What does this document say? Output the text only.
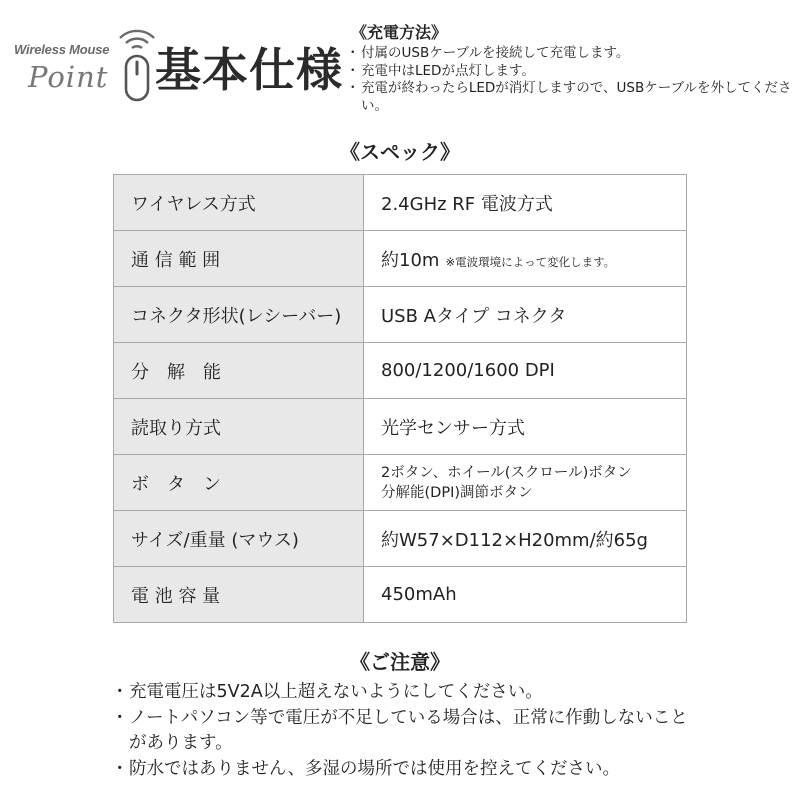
Wireless Mouse
Point 基本仕様
《充電方法》
・ 付属のUSBケーブルを接続して充電します。
・ 充電中はLEDが点灯します。
・ 充電が終わったらLEDが消灯しますので、USBケーブルを外してください。
《スペック》
ワイヤレス方式	2.4GHz RF 電波方式
通 信 範 囲	約10m ※電波環境によって変化します。
コネクタ形状(レシーバー)	USB Aタイプ コネクタ
分　解　能	800/1200/1600 DPI
読取り方式	光学センサー方式
ボ　タ　ン	2ボタン、ホイール(スクロール)ボタン
分解能(DPI)調節ボタン

サイズ/重量 (マウス)	約W57×D112×H20mm/約65g
電 池 容 量	450mAh
《ご注意》
・ 充電電圧は5V2A以上超えないようにしてください。
・ ノートパソコン等で電圧が不足している場合は、正常に作動しないことがあります。
・ 防水ではありません、多湿の場所では使用を控えてください。
